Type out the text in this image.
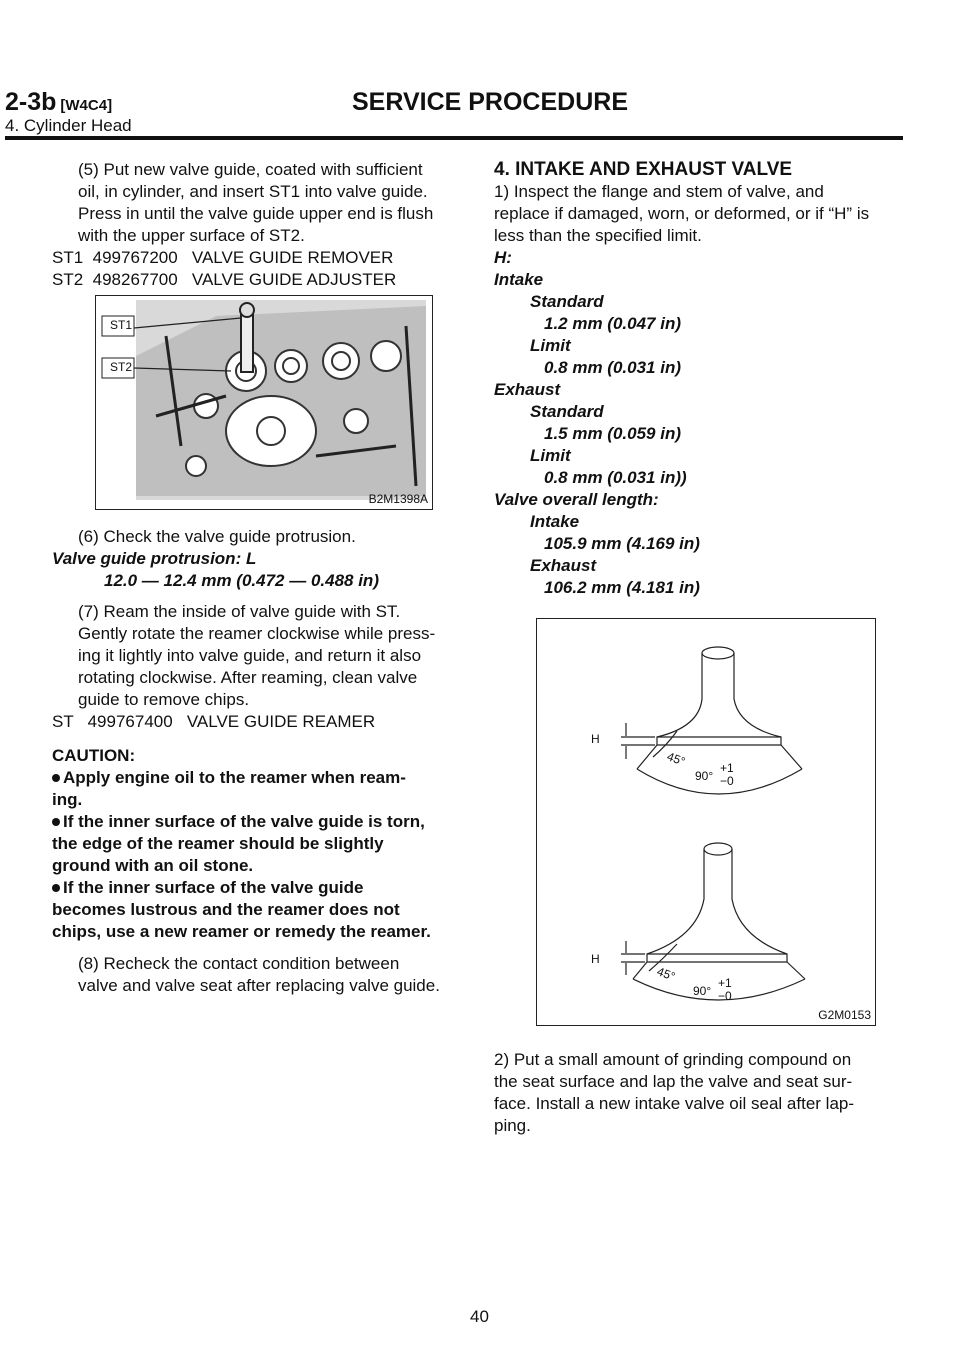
2-3b [W4C4]	SERVICE PROCEDURE
4. Cylinder Head

(5) Put new valve guide, coated with sufficient

oil, in cylinder, and insert ST1 into valve guide.

Press in until the valve guide upper end is flush

with the upper surface of ST2.

ST1  499767200   VALVE GUIDE REMOVER

ST2  498267700   VALVE GUIDE ADJUSTER

(6) Check the valve guide protrusion.

Valve guide protrusion: L

12.0 — 12.4 mm (0.472 — 0.488 in)

(7) Ream the inside of valve guide with ST.

Gently rotate the reamer clockwise while press-

ing it lightly into valve guide, and return it also

rotating clockwise. After reaming, clean valve

guide to remove chips.

ST   499767400   VALVE GUIDE REAMER

CAUTION:

Apply engine oil to the reamer when ream-

ing.

If the inner surface of the valve guide is torn,

the edge of the reamer should be slightly

ground with an oil stone.

If the inner surface of the valve guide

becomes lustrous and the reamer does not

chips, use a new reamer or remedy the reamer.

(8) Recheck the contact condition between

valve and valve seat after replacing valve guide.

ST1
ST2
B2M1398A

4. INTAKE AND EXHAUST VALVE

1) Inspect the flange and stem of valve, and

replace if damaged, worn, or deformed, or if “H” is

less than the specified limit.

H:

Intake

Standard

1.2 mm (0.047 in)

Limit

0.8 mm (0.031 in)

Exhaust

Standard

1.5 mm (0.059 in)

Limit

0.8 mm (0.031 in))

Valve overall length:

Intake

105.9 mm (4.169 in)

Exhaust

106.2 mm (4.181 in)

2) Put a small amount of grinding compound on

the seat surface and lap the valve and seat sur-

face. Install a new intake valve oil seal after lap-

ping.

H
45°
90°
+1
−0
H
45°
90°
+1
−0
G2M0153
40
